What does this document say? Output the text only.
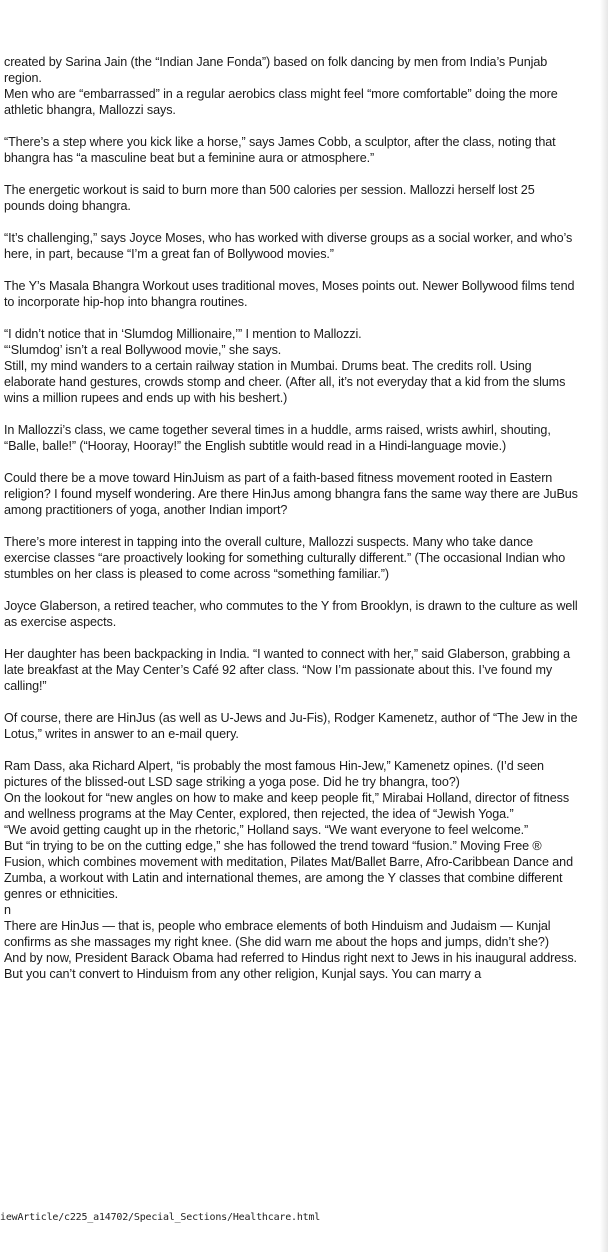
created by Sarina Jain (the “Indian Jane Fonda”) based on folk dancing by men from India’s Punjab region.
Men who are “embarrassed” in a regular aerobics class might feel “more comfortable” doing the more athletic bhangra, Mallozzi says.

“There’s a step where you kick like a horse,” says James Cobb, a sculptor, after the class, noting that bhangra has “a masculine beat but a feminine aura or atmosphere.”

The energetic workout is said to burn more than 500 calories per session. Mallozzi herself lost 25 pounds doing bhangra.

“It’s challenging,” says Joyce Moses, who has worked with diverse groups as a social worker, and who’s here, in part, because “I’m a great fan of Bollywood movies.”

The Y’s Masala Bhangra Workout uses traditional moves, Moses points out. Newer Bollywood films tend to incorporate hip-hop into bhangra routines.

“I didn’t notice that in ‘Slumdog Millionaire,’” I mention to Mallozzi.
“‘Slumdog’ isn’t a real Bollywood movie,” she says.
Still, my mind wanders to a certain railway station in Mumbai. Drums beat. The credits roll. Using elaborate hand gestures, crowds stomp and cheer. (After all, it’s not everyday that a kid from the slums wins a million rupees and ends up with his beshert.)

In Mallozzi’s class, we came together several times in a huddle, arms raised, wrists awhirl, shouting, “Balle, balle!” (“Hooray, Hooray!” the English subtitle would read in a Hindi-language movie.)

Could there be a move toward HinJuism as part of a faith-based fitness movement rooted in Eastern religion? I found myself wondering. Are there HinJus among bhangra fans the same way there are JuBus among practitioners of yoga, another Indian import?

There’s more interest in tapping into the overall culture, Mallozzi suspects. Many who take dance exercise classes “are proactively looking for something culturally different.” (The occasional Indian who stumbles on her class is pleased to come across “something familiar.”)

Joyce Glaberson, a retired teacher, who commutes to the Y from Brooklyn, is drawn to the culture as well as exercise aspects.

Her daughter has been backpacking in India. “I wanted to connect with her,” said Glaberson, grabbing a late breakfast at the May Center’s Café 92 after class. “Now I’m passionate about this. I’ve found my calling!”

Of course, there are HinJus (as well as U-Jews and Ju-Fis), Rodger Kamenetz, author of “The Jew in the Lotus,” writes in answer to an e-mail query.

Ram Dass, aka Richard Alpert, “is probably the most famous Hin-Jew,” Kamenetz opines. (I’d seen pictures of the blissed-out LSD sage striking a yoga pose. Did he try bhangra, too?)
On the lookout for “new angles on how to make and keep people fit,” Mirabai Holland, director of fitness and wellness programs at the May Center, explored, then rejected, the idea of “Jewish Yoga.”
“We avoid getting caught up in the rhetoric,” Holland says. “We want everyone to feel welcome.”
But “in trying to be on the cutting edge,” she has followed the trend toward “fusion.” Moving Free ® Fusion, which combines movement with meditation, Pilates Mat/Ballet Barre, Afro-Caribbean Dance and Zumba, a workout with Latin and international themes, are among the Y classes that combine different genres or ethnicities.

n

There are HinJus — that is, people who embrace elements of both Hinduism and Judaism — Kunjal confirms as she massages my right knee. (She did warn me about the hops and jumps, didn’t she?)
And by now, President Barack Obama had referred to Hindus right next to Jews in his inaugural address.
But you can’t convert to Hinduism from any other religion, Kunjal says. You can marry a

iewArticle/c225_a14702/Special_Sections/Healthcare.html
